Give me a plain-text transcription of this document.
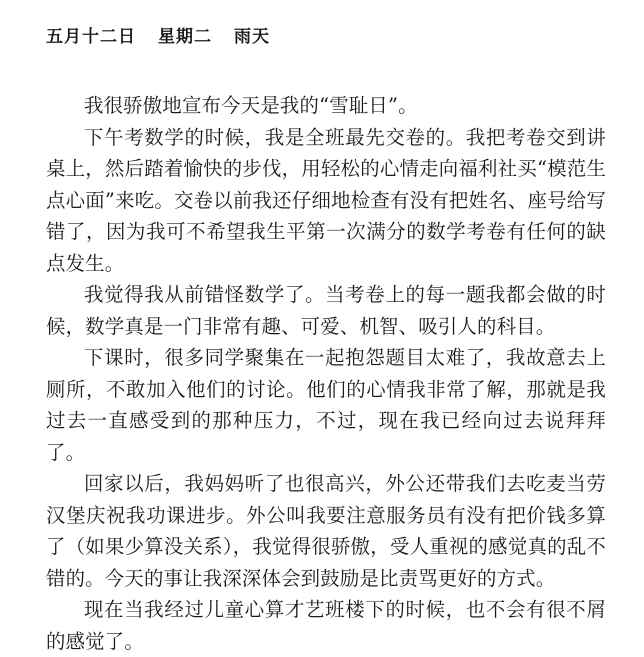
五月十二日 星期二 雨天

我很骄傲地宣布今天是我的“雪耻日”。

下午考数学的时候，我是全班最先交卷的。我把考卷交到讲桌上，然后踏着愉快的步伐，用轻松的心情走向福利社买“模范生点心面”来吃。交卷以前我还仔细地检查有没有把姓名、座号给写错了，因为我可不希望我生平第一次满分的数学考卷有任何的缺点发生。

我觉得我从前错怪数学了。当考卷上的每一题我都会做的时候，数学真是一门非常有趣、可爱、机智、吸引人的科目。

下课时，很多同学聚集在一起抱怨题目太难了，我故意去上厕所，不敢加入他们的讨论。他们的心情我非常了解，那就是我过去一直感受到的那种压力，不过，现在我已经向过去说拜拜了。

回家以后，我妈妈听了也很高兴，外公还带我们去吃麦当劳汉堡庆祝我功课进步。外公叫我要注意服务员有没有把价钱多算了（如果少算没关系），我觉得很骄傲，受人重视的感觉真的乱不错的。今天的事让我深深体会到鼓励是比责骂更好的方式。

现在当我经过儿童心算才艺班楼下的时候，也不会有很不屑的感觉了。
